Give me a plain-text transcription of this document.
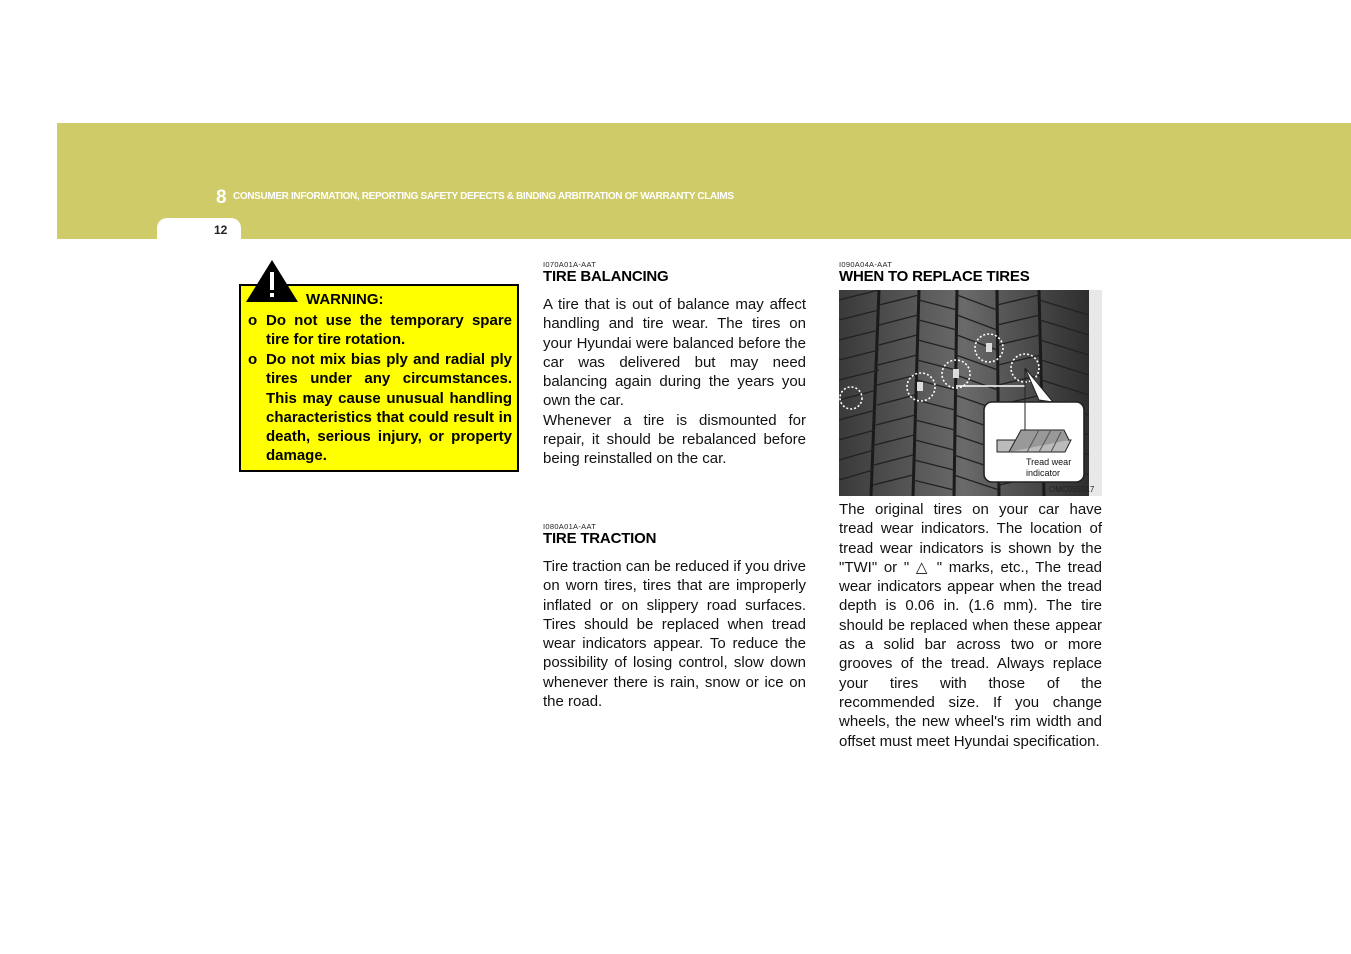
8 CONSUMER INFORMATION, REPORTING SAFETY DEFECTS & BINDING ARBITRATION OF WARRANTY CLAIMS
12
WARNING:
o Do not use the temporary spare tire for tire rotation.
o Do not mix bias ply and radial ply tires under any circumstances. This may cause unusual handling characteristics that could result in death, serious injury, or property damage.
I070A01A-AAT
TIRE BALANCING

A tire that is out of balance may affect handling and tire wear. The tires on your Hyundai were balanced before the car was delivered but may need balancing again during the years you own the car.

Whenever a tire is dismounted for repair, it should be rebalanced before being reinstalled on the car.

I080A01A-AAT
TIRE TRACTION
Tire traction can be reduced if you drive on worn tires, tires that are improperly inflated or on slippery road surfaces. Tires should be replaced when tread wear indicators appear. To reduce the possibility of losing control, slow down whenever there is rain, snow or ice on the road.
I090A04A-AAT
WHEN TO REPLACE TIRES
Tread wear
indicator
OMC055017
The original tires on your car have tread wear indicators. The location of tread wear indicators is shown by the "TWI" or " △ " marks, etc., The tread wear indicators appear when the tread depth is 0.06 in. (1.6 mm). The tire should be replaced when these appear as a solid bar across two or more grooves of the tread. Always replace your tires with those of the recommended size. If you change wheels, the new wheel's rim width and offset must meet Hyundai specification.
